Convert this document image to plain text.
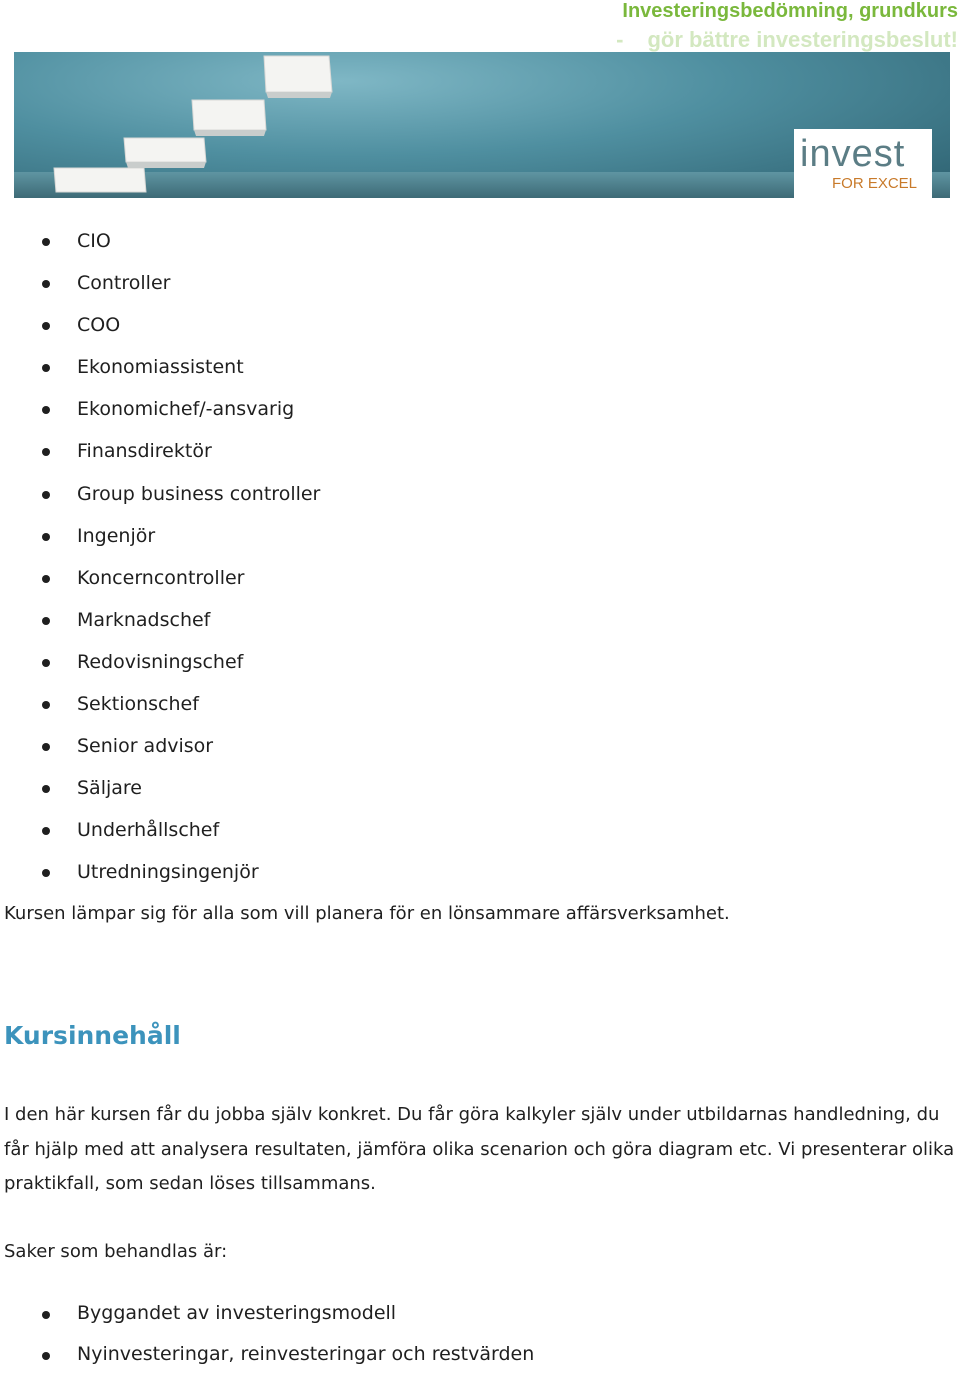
Investeringsbedömning, grundkurs
- gör bättre investeringsbeslut!
invest
FOR EXCEL
CIO
Controller
COO
Ekonomiassistent
Ekonomichef/-ansvarig
Finansdirektör
Group business controller
Ingenjör
Koncerncontroller
Marknadschef
Redovisningschef
Sektionschef
Senior advisor
Säljare
Underhållschef
Utredningsingenjör
Kursen lämpar sig för alla som vill planera för en lönsammare affärsverksamhet.
Kursinnehåll
I den här kursen får du jobba själv konkret. Du får göra kalkyler själv under utbildarnas handledning, du får hjälp med att analysera resultaten, jämföra olika scenarion och göra diagram etc. Vi presenterar olika praktikfall, som sedan löses tillsammans.
Saker som behandlas är:
Byggandet av investeringsmodell
Nyinvesteringar, reinvesteringar och restvärden
